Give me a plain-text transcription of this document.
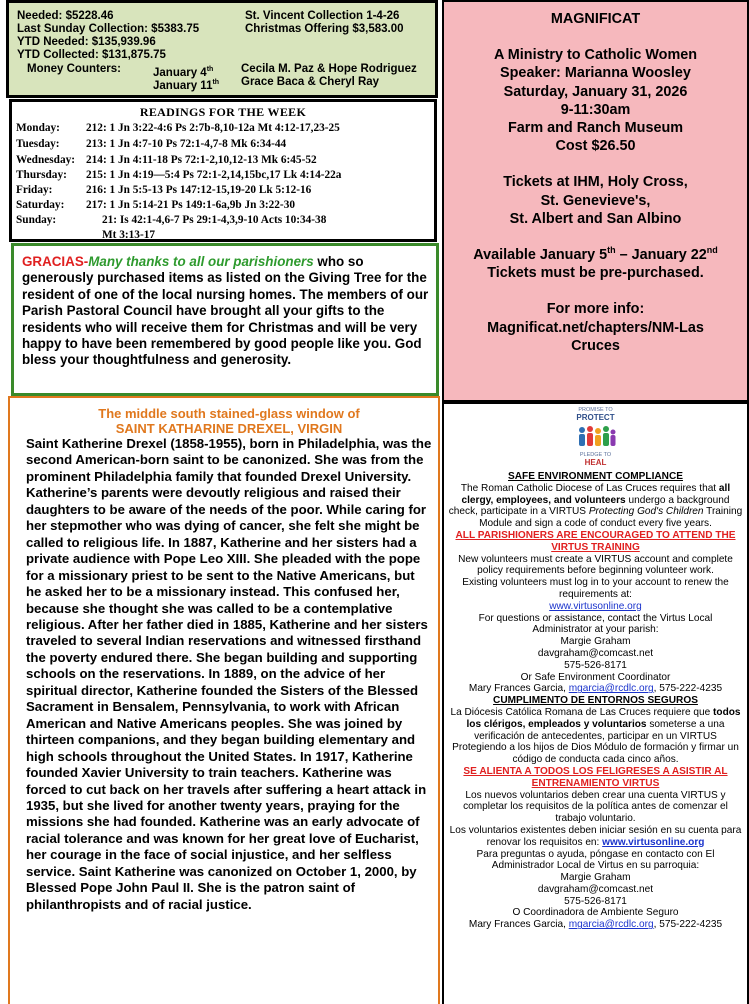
Needed: $5228.46
Last Sunday Collection: $5383.75
YTD Needed: $135,939.96
YTD Collected: $131,875.75
Money Counters:	January 4th Cecila M. Paz & Hope Rodriguez
January 11th Grace Baca & Cheryl Ray
St. Vincent Collection 1-4-26
Christmas Offering $3,583.00
READINGS FOR THE WEEK
Monday: 212: 1 Jn 3:22-4:6 Ps 2:7b-8,10-12a Mt 4:12-17,23-25
Tuesday: 213: 1 Jn 4:7-10 Ps 72:1-4,7-8 Mk 6:34-44
Wednesday: 214: 1 Jn 4:11-18 Ps 72:1-2,10,12-13 Mk 6:45-52
Thursday: 215: 1 Jn 4:19—5:4 Ps 72:1-2,14,15bc,17 Lk 4:14-22a
Friday:	216: 1 Jn 5:5-13 Ps 147:12-15,19-20 Lk 5:12-16
Saturday: 217: 1 Jn 5:14-21 Ps 149:1-6a,9b Jn 3:22-30
Sunday:	21: Is 42:1-4,6-7 Ps 29:1-4,3,9-10 Acts 10:34-38
Mt 3:13-17
GRACIAS-Many thanks to all our parishioners who so generously purchased items as listed on the Giving Tree for the resident of one of the local nursing homes. The members of our Parish Pastoral Council have brought all your gifts to the residents who will receive them for Christmas and will be very happy to have been remembered by good people like you. God bless your thoughtfulness and generosity.

MAGNIFICAT

A Ministry to Catholic Women

Speaker: Marianna Woosley

Saturday, January 31, 2026

9-11:30am

Farm and Ranch Museum

Cost $26.50

Tickets at IHM, Holy Cross,

St. Genevieve's,

St. Albert and San Albino

Available January 5th – January 22nd

Tickets must be pre-purchased.

For more info:

Magnificat.net/chapters/NM-Las Cruces

The middle south stained-glass window of
SAINT KATHARINE DREXEL, VIRGIN
Saint Katherine Drexel (1858-1955), born in Philadelphia, was the second American-born saint to be canonized. She was from the prominent Philadelphia family that founded Drexel University. Katherine’s parents were devoutly religious and raised their daughters to be aware of the needs of the poor. While caring for her stepmother who was dying of cancer, she felt she might be called to religious life. In 1887, Katherine and her sisters had a private audience with Pope Leo XIII. She pleaded with the pope for a missionary priest to be sent to the Native Americans, but he asked her to be a missionary instead. This confused her, because she thought she was called to be a contemplative religious. After her father died in 1885, Katherine and her sisters traveled to several Indian reservations and witnessed firsthand the poverty endured there. She began building and supporting schools on the reservations. In 1889, on the advice of her spiritual director, Katherine founded the Sisters of the Blessed Sacrament in Bensalem, Pennsylvania, to work with African American and Native Americans peoples. She was joined by thirteen companions, and they began building elementary and high schools throughout the United States. In 1917, Katherine founded Xavier University to train teachers. Katherine was forced to cut back on her travels after suffering a heart attack in 1935, but she lived for another twenty years, praying for the missions she had founded. Katherine was an early advocate of racial tolerance and was known for her great love of Eucharist, her courage in the face of social injustice, and her selfless service. Saint Katherine was canonized on October 1, 2000, by Blessed Pope John Paul II. She is the patron saint of philanthropists and of racial justice.
PROMISE TO
PROTECT
PLEDGE TO
HEAL
SAFE ENVIRONMENT COMPLIANCE
The Roman Catholic Diocese of Las Cruces requires that all clergy, employees, and volunteers undergo a background check, participate in a VIRTUS Protecting God's Children Training Module and sign a code of conduct every five years.
ALL PARISHIONERS ARE ENCOURAGED TO ATTEND THE VIRTUS TRAINING
New volunteers must create a VIRTUS account and complete policy requirements before beginning volunteer work.
Existing volunteers must log in to your account to renew the requirements at:
www.virtusonline.org
For questions or assistance, contact the Virtus Local Administrator at your parish:
Margie Graham
davgraham@comcast.net
575-526-8171
Or Safe Environment Coordinator
Mary Frances Garcia, mgarcia@rcdlc.org, 575-222-4235
CUMPLIMENTO DE ENTORNOS SEGUROS
La Diócesis Católica Romana de Las Cruces requiere que todos los clérigos, empleados y voluntarios someterse a una verificación de antecedentes, participar en un VIRTUS Protegiendo a los hijos de Dios Módulo de formación y firmar un código de conducta cada cinco años.
SE ALIENTA A TODOS LOS FELIGRESES A ASISTIR AL ENTRENAMIENTO VIRTUS
Los nuevos voluntarios deben crear una cuenta VIRTUS y completar los requisitos de la política antes de comenzar el trabajo voluntario.
Los voluntarios existentes deben iniciar sesión en su cuenta para renovar los requisitos en: www.virtusonline.org
Para preguntas o ayuda, póngase en contacto con El Administrador Local de Virtus en su parroquia:
Margie Graham
davgraham@comcast.net
575-526-8171
O Coordinadora de Ambiente Seguro
Mary Frances Garcia, mgarcia@rcdlc.org, 575-222-4235
